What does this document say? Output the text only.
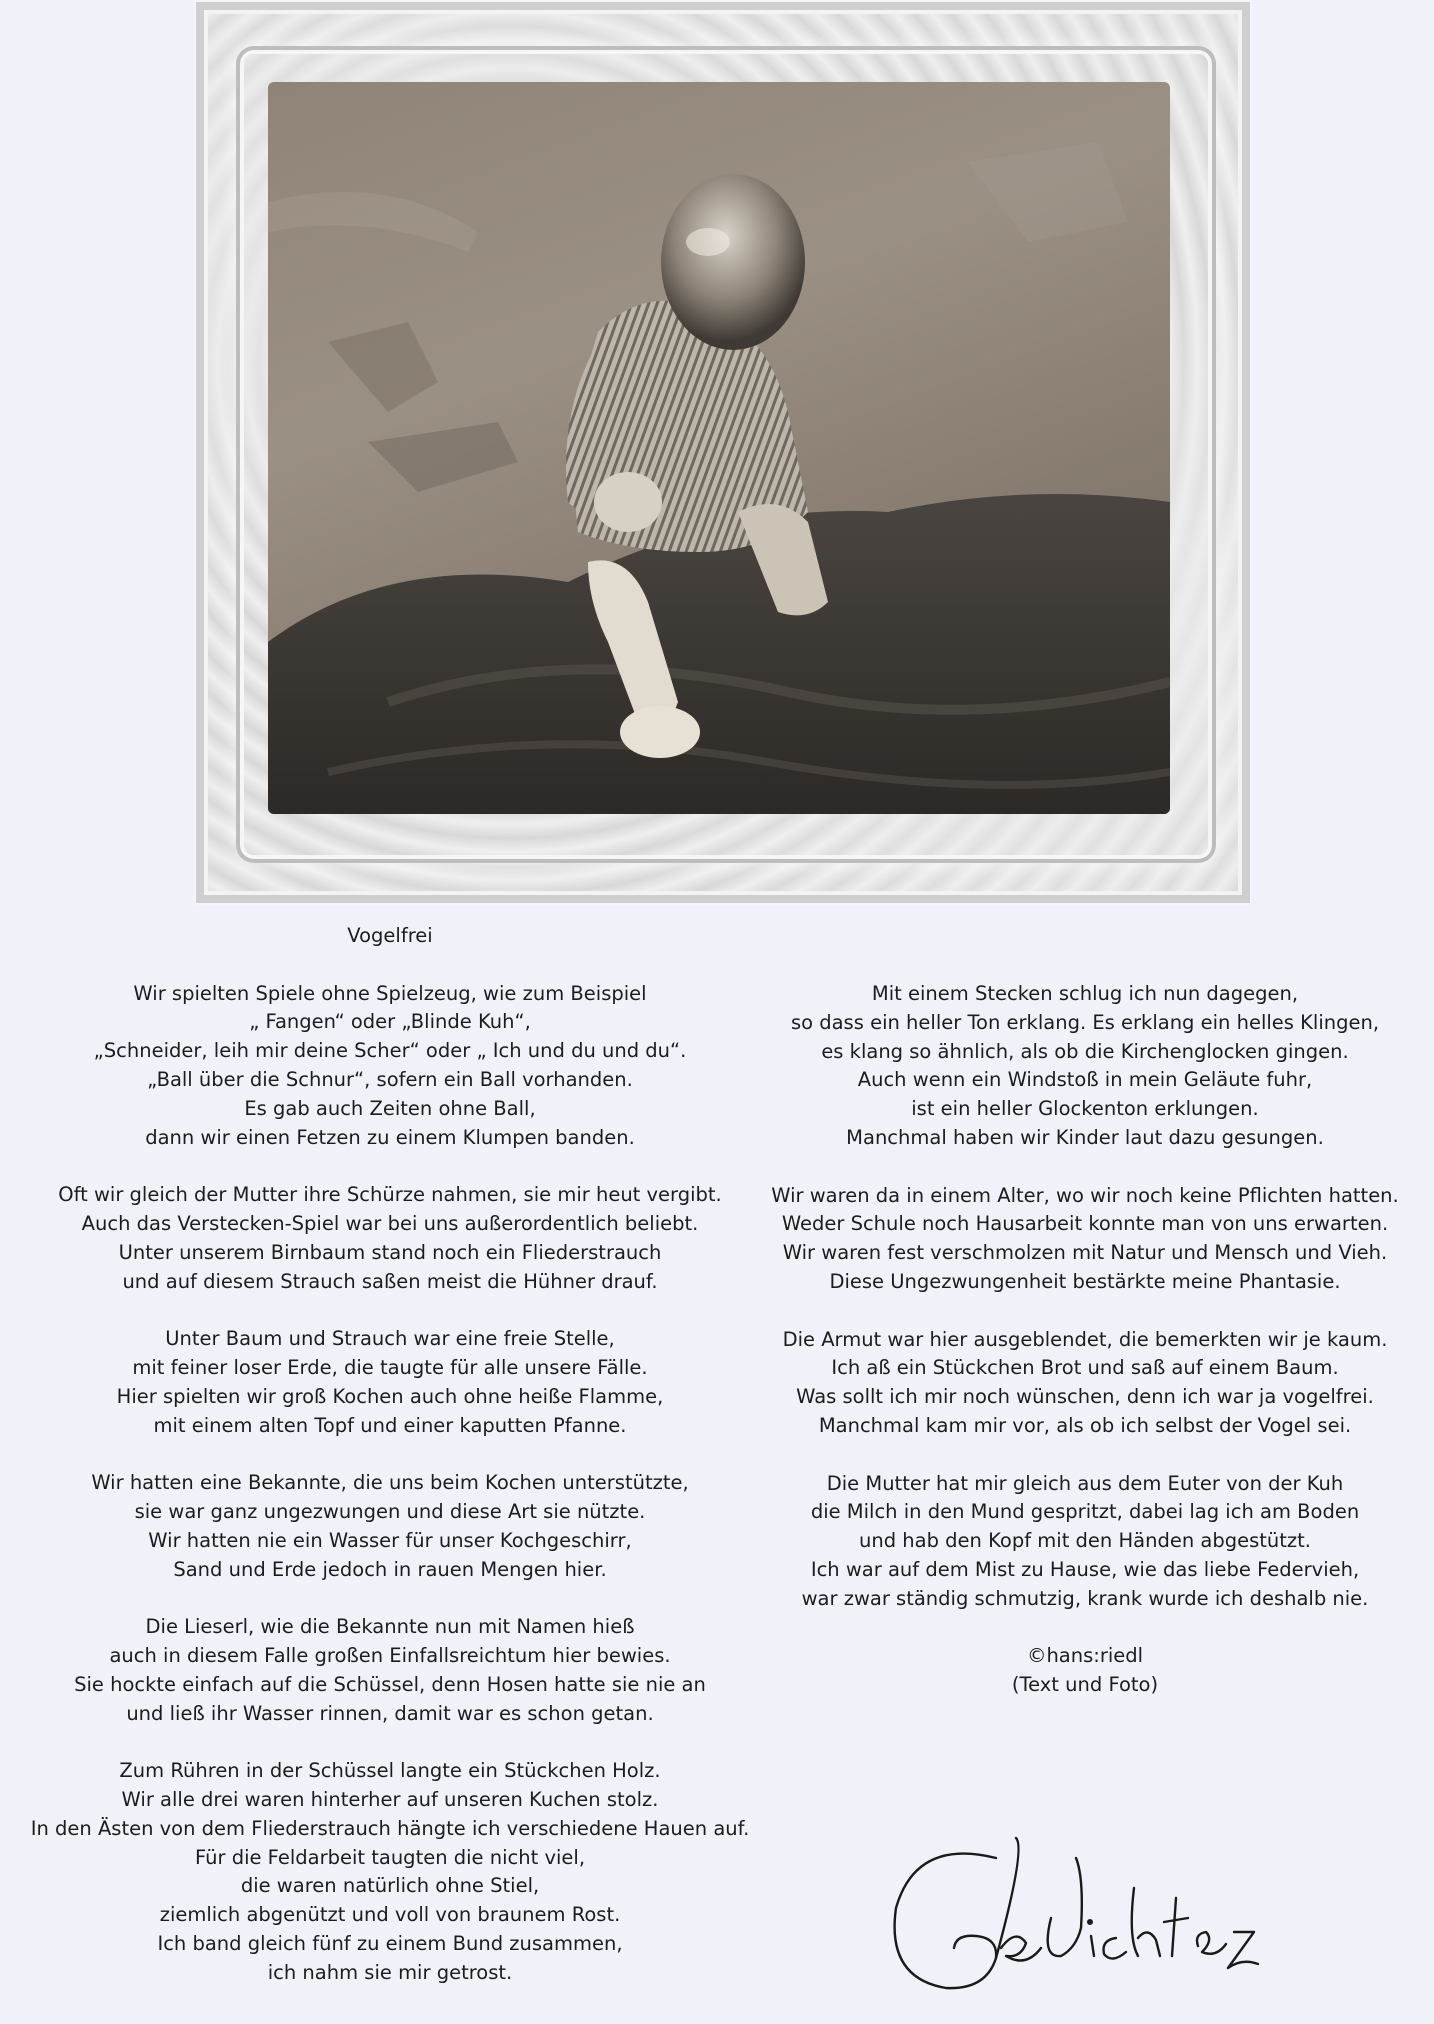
Vogelfrei
Wir spielten Spiele ohne Spielzeug, wie zum Beispiel
„ Fangen“ oder „Blinde Kuh“,
„Schneider, leih mir deine Scher“ oder „ Ich und du und du“.
„Ball über die Schnur“, sofern ein Ball vorhanden.
Es gab auch Zeiten ohne Ball,
dann wir einen Fetzen zu einem Klumpen banden.
Oft wir gleich der Mutter ihre Schürze nahmen, sie mir heut vergibt.
Auch das Verstecken-Spiel war bei uns außerordentlich beliebt.
Unter unserem Birnbaum stand noch ein Fliederstrauch
und auf diesem Strauch saßen meist die Hühner drauf.
Unter Baum und Strauch war eine freie Stelle,
mit feiner loser Erde, die taugte für alle unsere Fälle.
Hier spielten wir groß Kochen auch ohne heiße Flamme,
mit einem alten Topf und einer kaputten Pfanne.
Wir hatten eine Bekannte, die uns beim Kochen unterstützte,
sie war ganz ungezwungen und diese Art sie nützte.
Wir hatten nie ein Wasser für unser Kochgeschirr,
Sand und Erde jedoch in rauen Mengen hier.
Die Lieserl, wie die Bekannte nun mit Namen hieß
auch in diesem Falle großen Einfallsreichtum hier bewies.
Sie hockte einfach auf die Schüssel, denn Hosen hatte sie nie an
und ließ ihr Wasser rinnen, damit war es schon getan.
Zum Rühren in der Schüssel langte ein Stückchen Holz.
Wir alle drei waren hinterher auf unseren Kuchen stolz.
In den Ästen von dem Fliederstrauch hängte ich verschiedene Hauen auf.
Für die Feldarbeit taugten die nicht viel,
die waren natürlich ohne Stiel,
ziemlich abgenützt und voll von braunem Rost.
Ich band gleich fünf zu einem Bund zusammen,
ich nahm sie mir getrost.
Mit einem Stecken schlug ich nun dagegen,
so dass ein heller Ton erklang. Es erklang ein helles Klingen,
es klang so ähnlich, als ob die Kirchenglocken gingen.
Auch wenn ein Windstoß in mein Geläute fuhr,
ist ein heller Glockenton erklungen.
Manchmal haben wir Kinder laut dazu gesungen.
Wir waren da in einem Alter, wo wir noch keine Pflichten hatten.
Weder Schule noch Hausarbeit konnte man von uns erwarten.
Wir waren fest verschmolzen mit Natur und Mensch und Vieh.
Diese Ungezwungenheit bestärkte meine Phantasie.
Die Armut war hier ausgeblendet, die bemerkten wir je kaum.
Ich aß ein Stückchen Brot und saß auf einem Baum.
Was sollt ich mir noch wünschen, denn ich war ja vogelfrei.
Manchmal kam mir vor, als ob ich selbst der Vogel sei.
Die Mutter hat mir gleich aus dem Euter von der Kuh
die Milch in den Mund gespritzt, dabei lag ich am Boden
und hab den Kopf mit den Händen abgestützt.
Ich war auf dem Mist zu Hause, wie das liebe Federvieh,
war zwar ständig schmutzig, krank wurde ich deshalb nie.
©hans:riedl
(Text und Foto)
